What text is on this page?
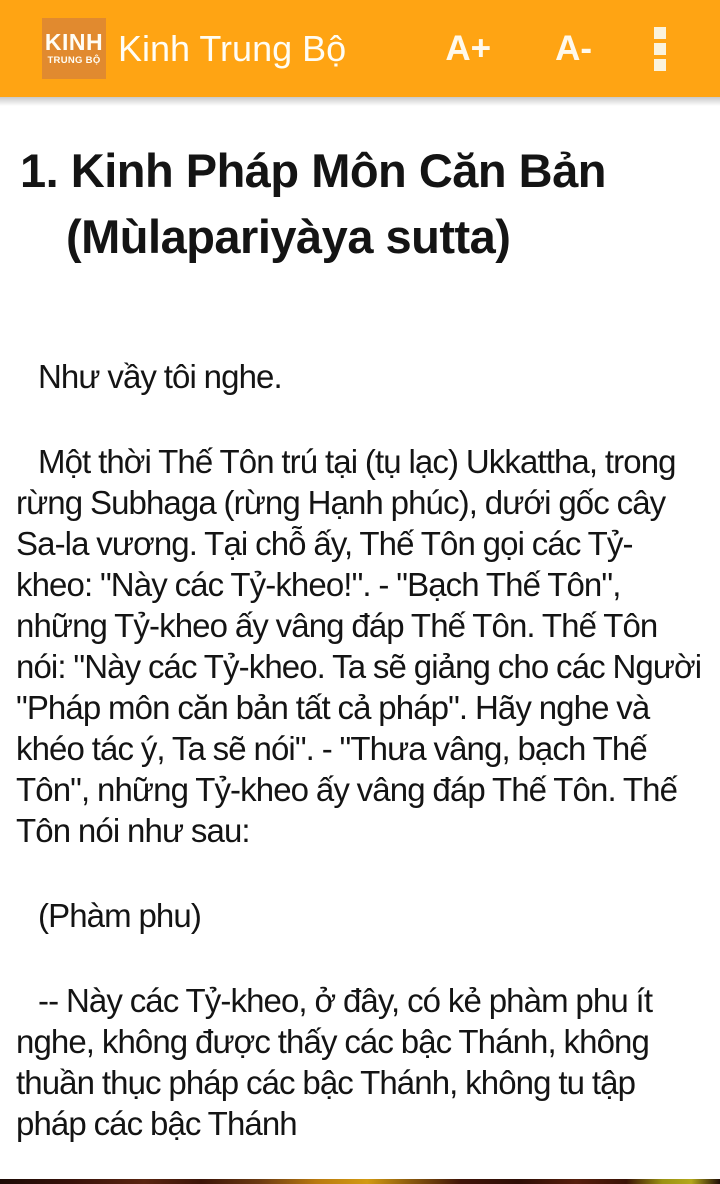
KINH
TRUNG BỘ Kinh Trung Bộ	A+ A-
1. Kinh Pháp Môn Căn Bản (Mùlapariyàya sutta)

Như vầy tôi nghe.

Một thời Thế Tôn trú tại (tụ lạc) Ukkattha, trong rừng Subhaga (rừng Hạnh phúc), dưới gốc cây Sa-la vương. Tại chỗ ấy, Thế Tôn gọi các Tỷ-kheo: "Này các Tỷ-kheo!". - "Bạch Thế Tôn", những Tỷ-kheo ấy vâng đáp Thế Tôn. Thế Tôn nói: "Này các Tỷ-kheo. Ta sẽ giảng cho các Người "Pháp môn căn bản tất cả pháp". Hãy nghe và khéo tác ý, Ta sẽ nói". - "Thưa vâng, bạch Thế Tôn", những Tỷ-kheo ấy vâng đáp Thế Tôn. Thế Tôn nói như sau:

(Phàm phu)

-- Này các Tỷ-kheo, ở đây, có kẻ phàm phu ít nghe, không được thấy các bậc Thánh, không thuần thục pháp các bậc Thánh, không tu tập pháp các bậc Thánh
